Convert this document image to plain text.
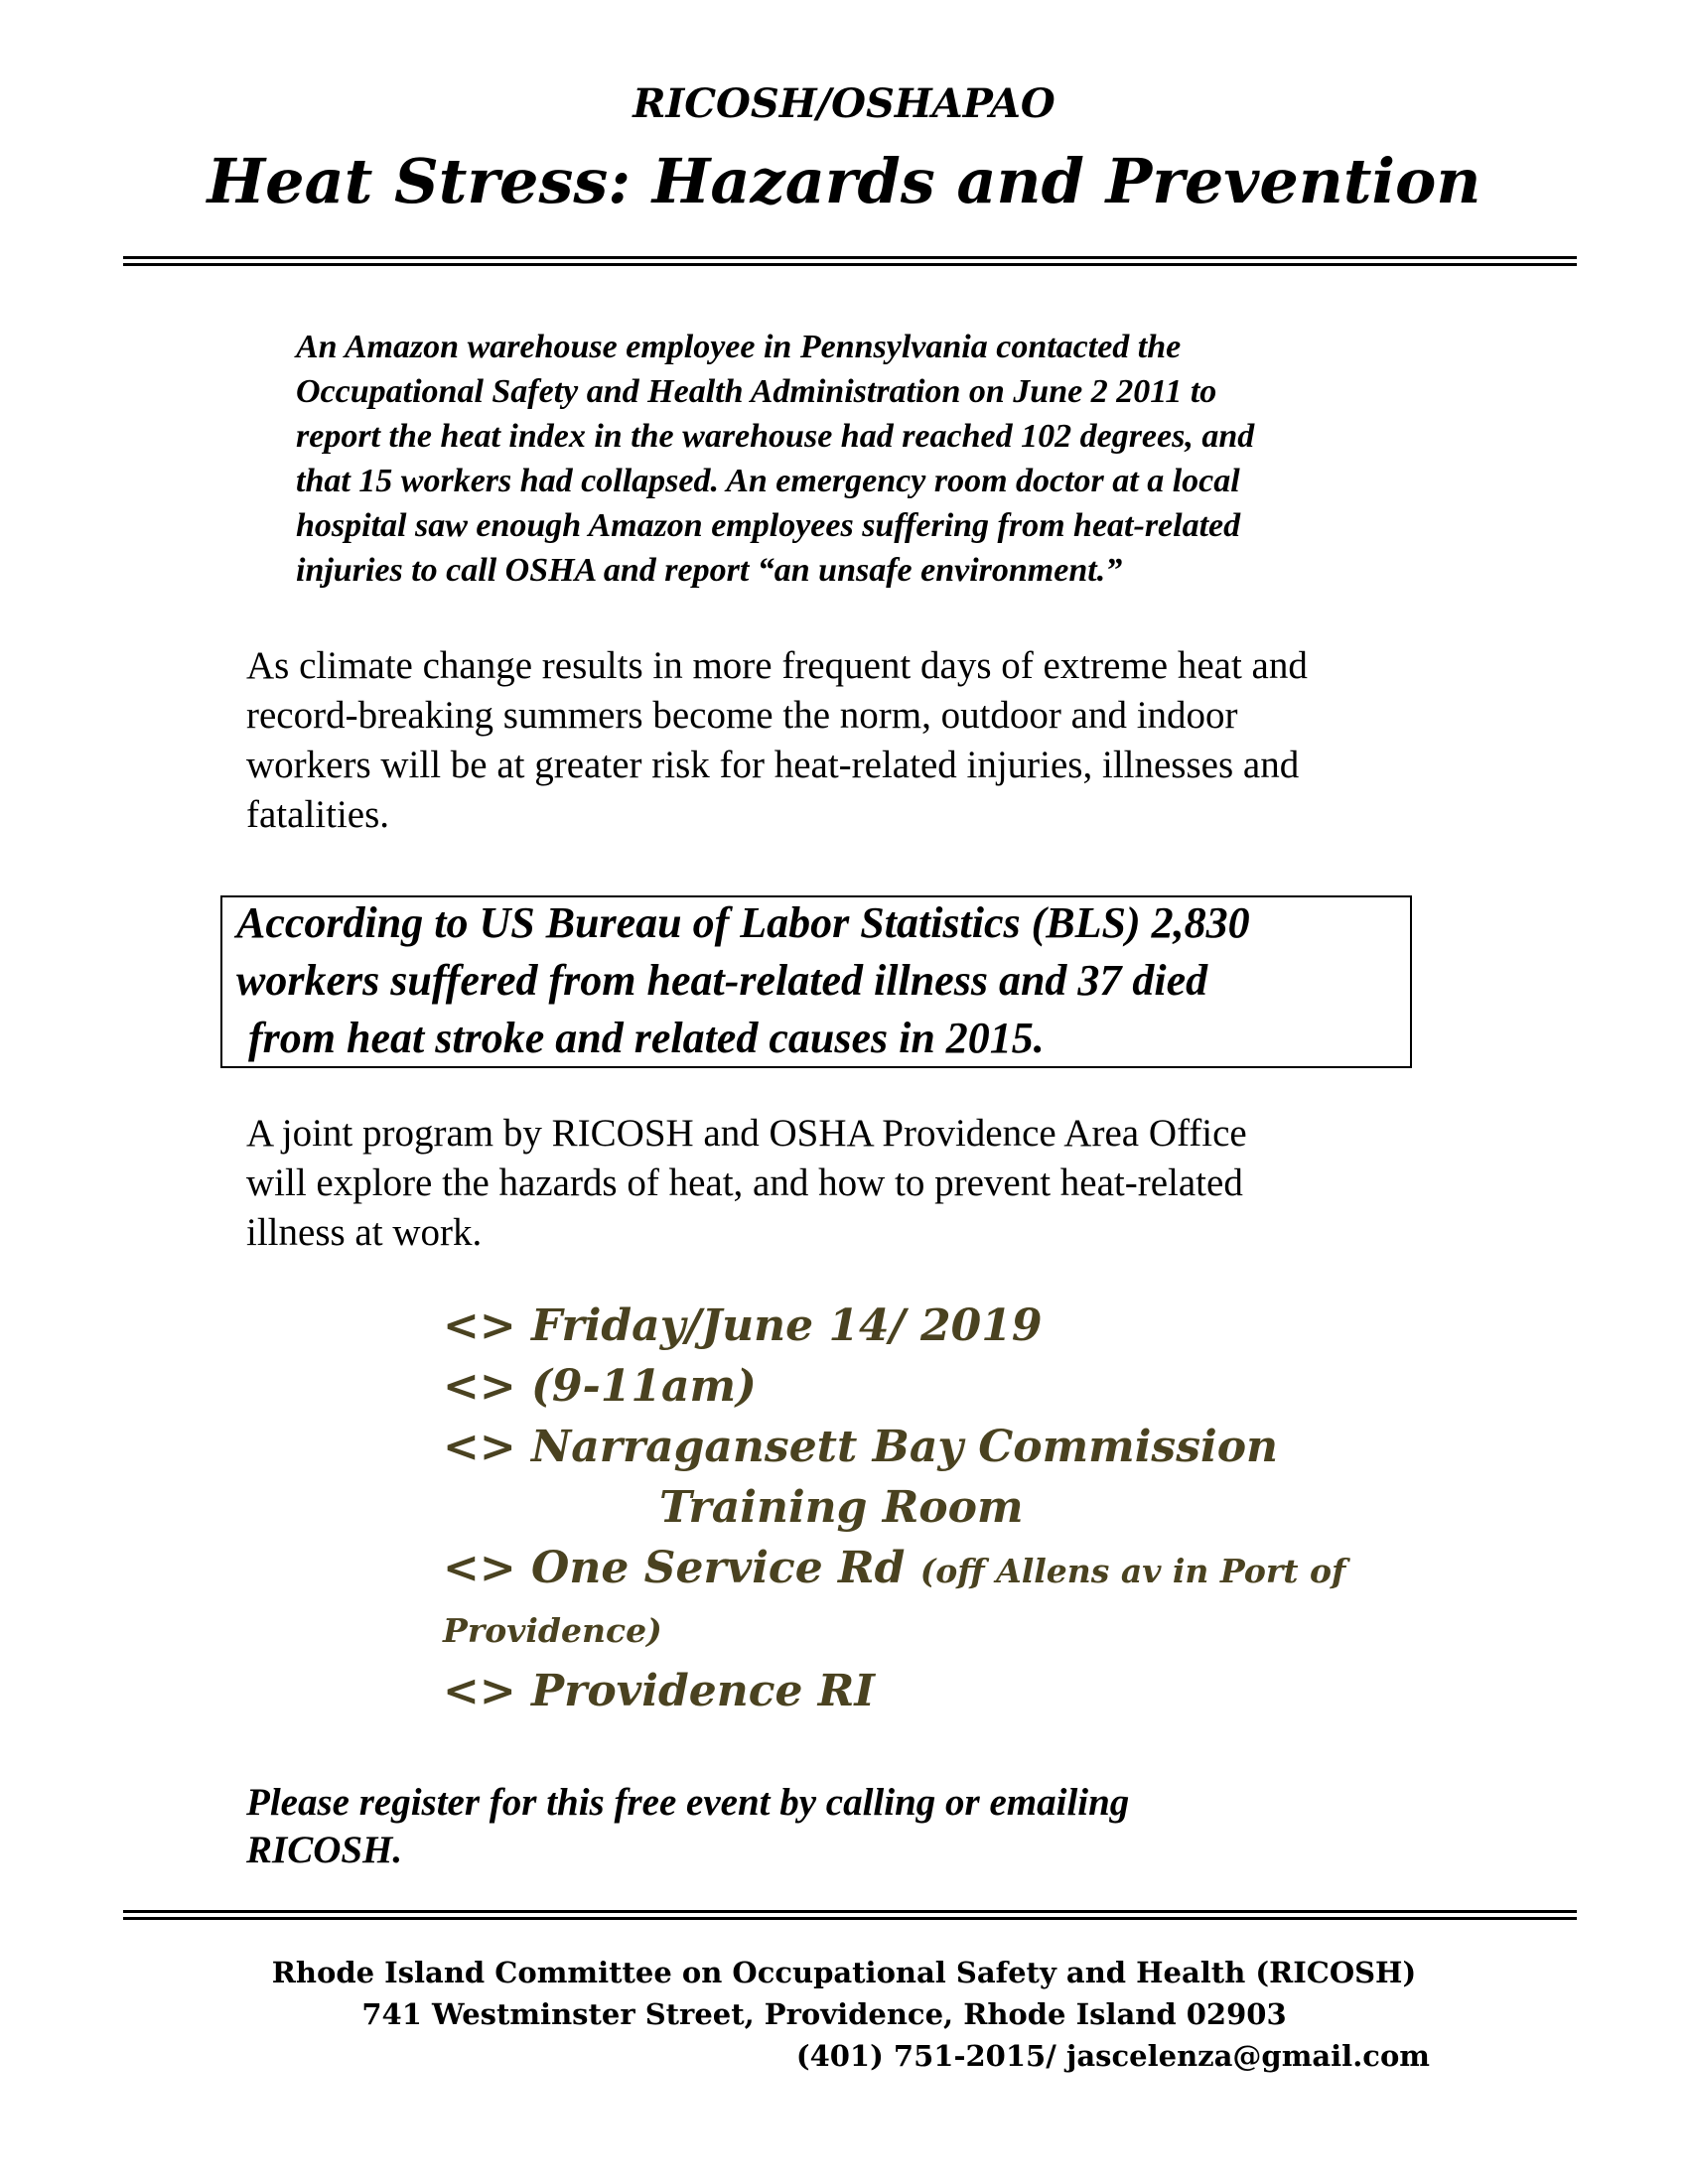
RICOSH/OSHAPAO
Heat Stress: Hazards and Prevention

An Amazon warehouse employee in Pennsylvania contacted the

Occupational Safety and Health Administration on June 2 2011 to

report the heat index in the warehouse had reached 102 degrees, and

that 15 workers had collapsed. An emergency room doctor at a local

hospital saw enough Amazon employees suffering from heat-related

injuries to call OSHA and report “an unsafe environment.”

As climate change results in more frequent days of extreme heat and

record-breaking summers become the norm, outdoor and indoor

workers will be at greater risk for heat-related injuries, illnesses and

fatalities.

According to US Bureau of Labor Statistics (BLS) 2,830

workers suffered from heat-related illness and 37 died

from heat stroke and related causes in 2015.

A joint program by RICOSH and OSHA Providence Area Office

will explore the hazards of heat, and how to prevent heat-related

illness at work.

<> Friday/June 14/ 2019

<> (9-11am)

<> Narragansett Bay Commission

Training Room

<> One Service Rd (off Allens av in Port of

Providence)

<> Providence RI

Please register for this free event by calling or emailing

RICOSH.

Rhode Island Committee on Occupational Safety and Health (RICOSH)
741 Westminster Street, Providence, Rhode Island 02903
(401) 751-2015/ jascelenza@gmail.com
